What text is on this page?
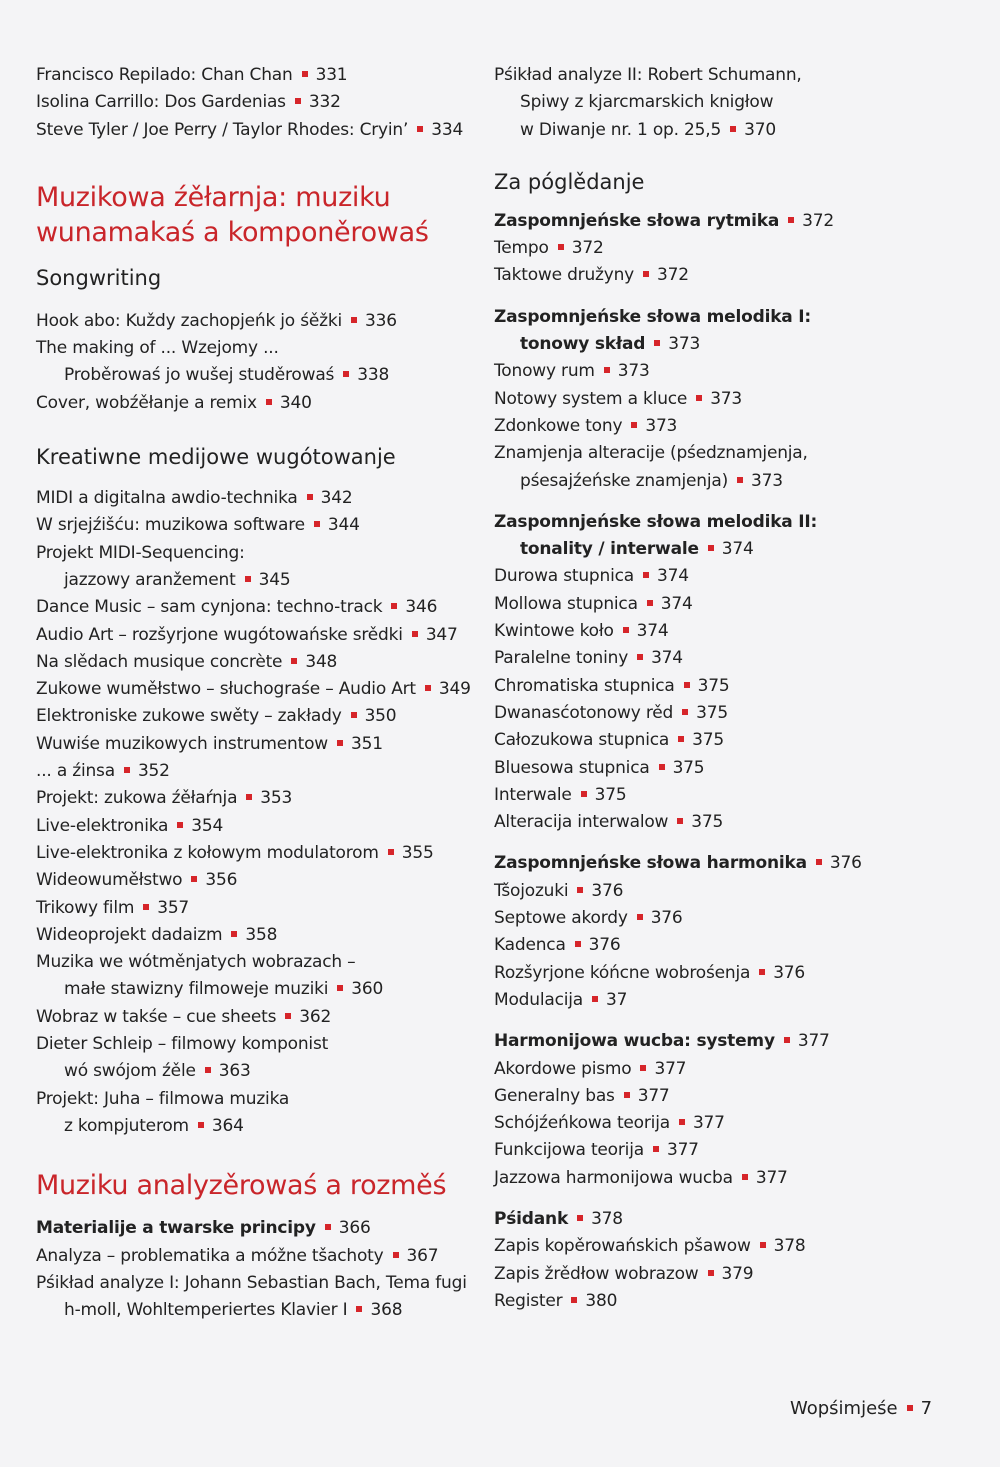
Francisco Repilado: Chan Chan 331
Isolina Carrillo: Dos Gardenias 332
Steve Tyler / Joe Perry / Taylor Rhodes: Cryin’ 334
Muzikowa źěłarnja: muziku
wunamakaś a komponěrowaś
Songwriting
Hook abo: Kuždy zachopjeńk jo śěžki 336
The making of ... Wzejomy ...
Proběrowaś jo wušej studěrowaś 338
Cover, wobźěłanje a remix 340
Kreatiwne medijowe wugótowanje
MIDI a digitalna awdio-technika 342
W srjejźišću: muzikowa software 344
Projekt MIDI-Sequencing:
jazzowy aranžement 345
Dance Music – sam cynjona: techno-track 346
Audio Art – rozšyrjone wugótowańske srědki 347
Na slědach musique concrète 348
Zukowe wuměłstwo – słuchograśe – Audio Art 349
Elektroniske zukowe swěty – zakłady 350
Wuwiśe muzikowych instrumentow 351
... a źinsa 352
Projekt: zukowa źěłaŕnja 353
Live-elektronika 354
Live-elektronika z kołowym modulatorom 355
Wideowuměłstwo 356
Trikowy film 357
Wideoprojekt dadaizm 358
Muzika we wótměnjatych wobrazach –
małe stawizny filmoweje muziki 360
Wobraz w takśe – cue sheets 362
Dieter Schleip – filmowy komponist
wó swójom źěle 363
Projekt: Juha – filmowa muzika
z kompjuterom 364
Muziku analyzěrowaś a rozměś
Materialije a twarske principy 366
Analyza – problematika a móžne tšachoty 367
Pśikład analyze I: Johann Sebastian Bach, Tema fugi
h-moll, Wohltemperiertes Klavier I 368
Pśikład analyze II: Robert Schumann,
Spiwy z kjarcmarskich knigłow
w Diwanje nr. 1 op. 25,5 370
Za póglědanje
Zaspomnjeńske słowa rytmika 372
Tempo 372
Taktowe družyny 372
Zaspomnjeńske słowa melodika I:
tonowy skład 373
Tonowy rum 373
Notowy system a kluce 373
Zdonkowe tony 373
Znamjenja alteracije (pśedznamjenja,
pśesajźeńske znamjenja) 373
Zaspomnjeńske słowa melodika II:
tonality / interwale 374
Durowa stupnica 374
Mollowa stupnica 374
Kwintowe koło 374
Paralelne toniny 374
Chromatiska stupnica 375
Dwanasćotonowy rěd 375
Całozukowa stupnica 375
Bluesowa stupnica 375
Interwale 375
Alteracija interwalow 375
Zaspomnjeńske słowa harmonika 376
Tšojozuki 376
Septowe akordy 376
Kadenca 376
Rozšyrjone kóńcne wobrośenja 376
Modulacija 37
Harmonijowa wucba: systemy 377
Akordowe pismo 377
Generalny bas 377
Schójźeńkowa teorija 377
Funkcijowa teorija 377
Jazzowa harmonijowa wucba 377
Pśidank 378
Zapis kopěrowańskich pšawow 378
Zapis žrědłow wobrazow 379
Register 380
Wopśimjeśe 7
